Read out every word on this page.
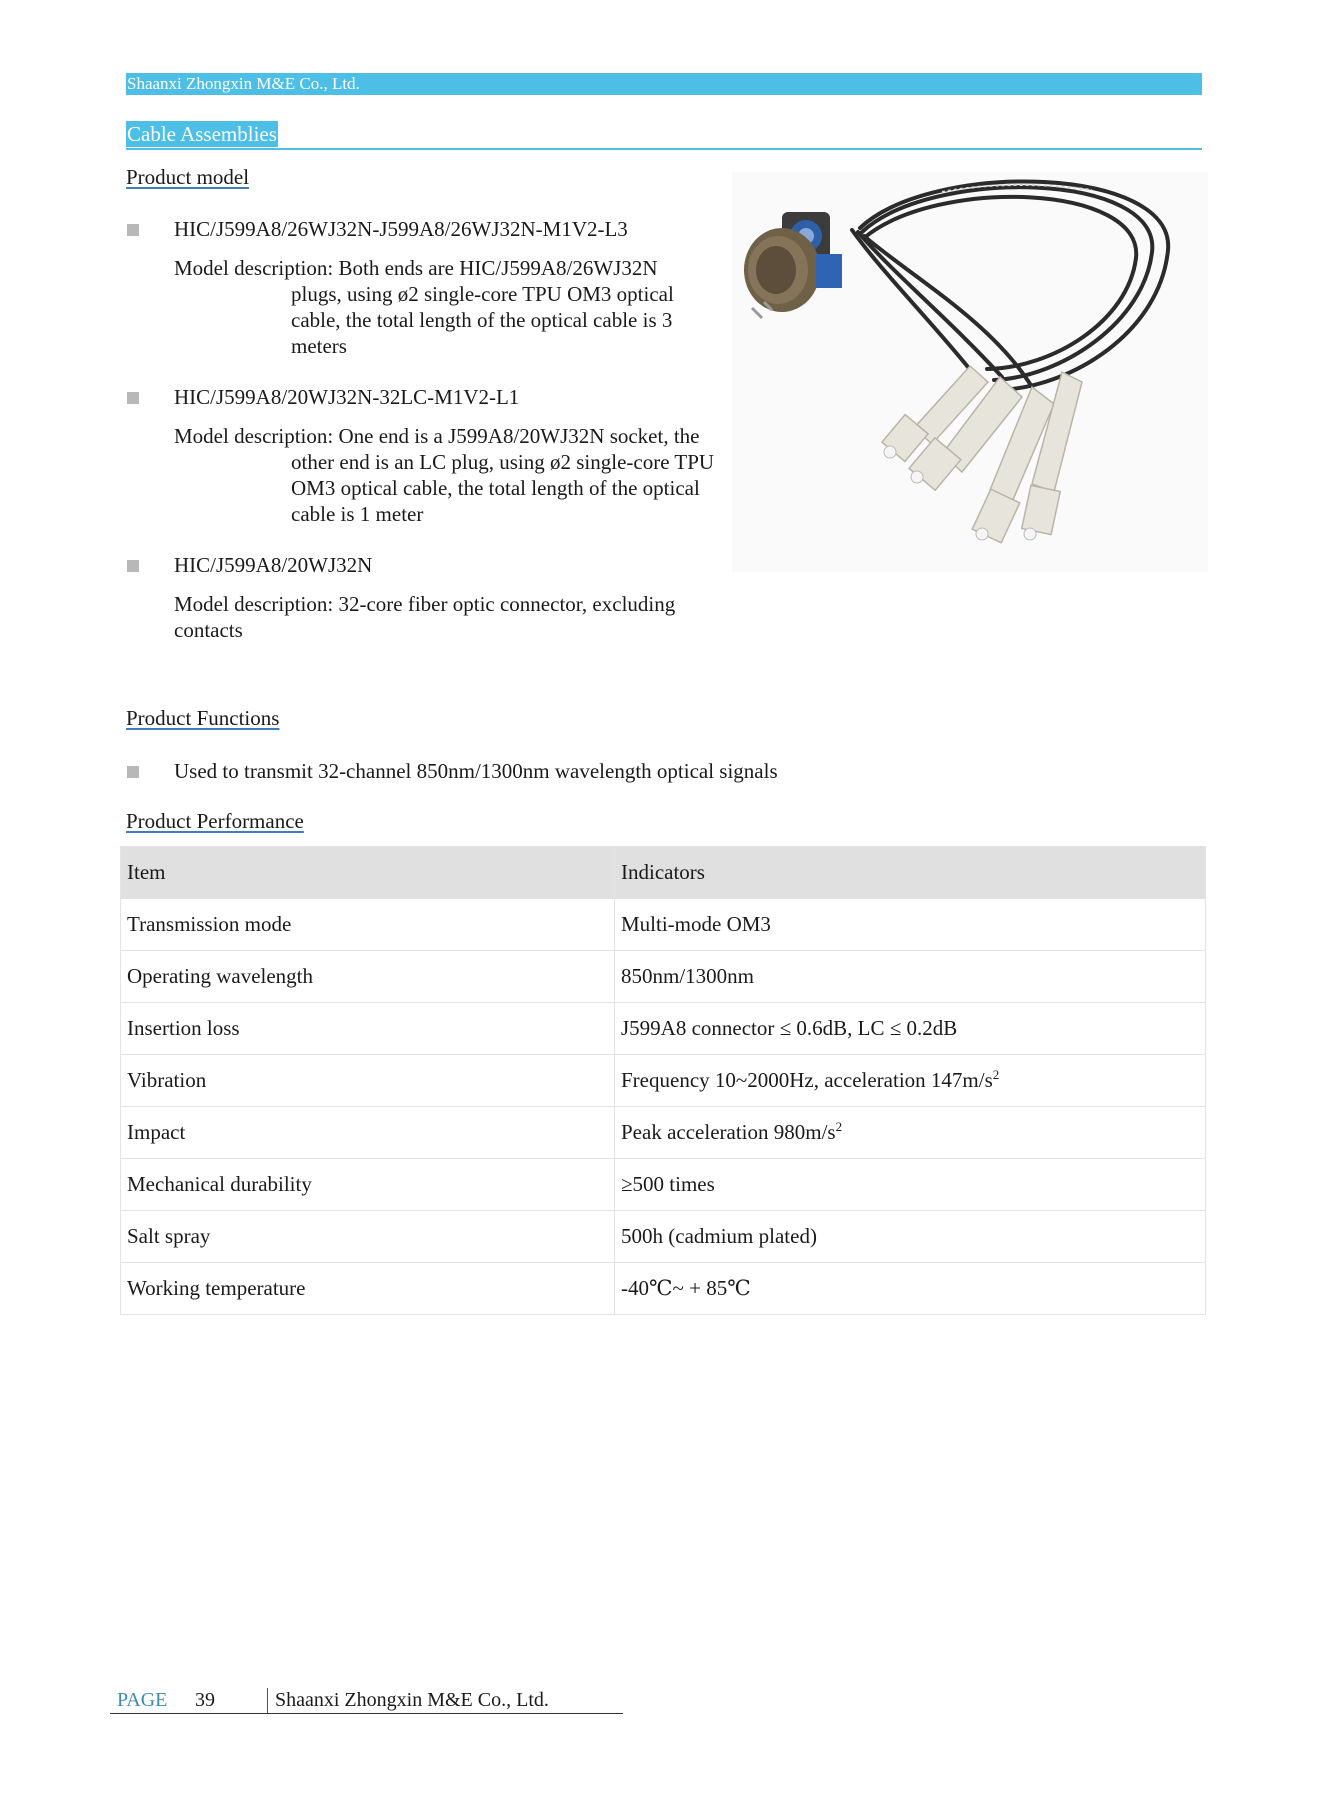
Shaanxi Zhongxin M&E Co., Ltd.
Cable Assemblies
Product model
HIC/J599A8/26WJ32N-J599A8/26WJ32N-M1V2-L3
Model description: Both ends are HIC/J599A8/26WJ32N
plugs, using ø2 single-core TPU OM3 optical
cable, the total length of the optical cable is 3
meters
HIC/J599A8/20WJ32N-32LC-M1V2-L1
Model description: One end is a J599A8/20WJ32N socket, the
other end is an LC plug, using ø2 single-core TPU
OM3 optical cable, the total length of the optical
cable is 1 meter
HIC/J599A8/20WJ32N
Model description: 32-core fiber optic connector, excluding
contacts
Product Functions
Used to transmit 32-channel 850nm/1300nm wavelength optical signals
Product Performance
Item	Indicators
Transmission mode	Multi-mode OM3
Operating wavelength	850nm/1300nm
Insertion loss	J599A8 connector ≤ 0.6dB, LC ≤ 0.2dB
Vibration	Frequency 10~2000Hz, acceleration $147m/s^2$
Impact	Peak acceleration $980m/s^2$
Mechanical durability	≥500 times
Salt spray	500h (cadmium plated)
Working temperature	-40℃~ + 85℃
PAGE 39	Shaanxi Zhongxin M&E Co., Ltd.
